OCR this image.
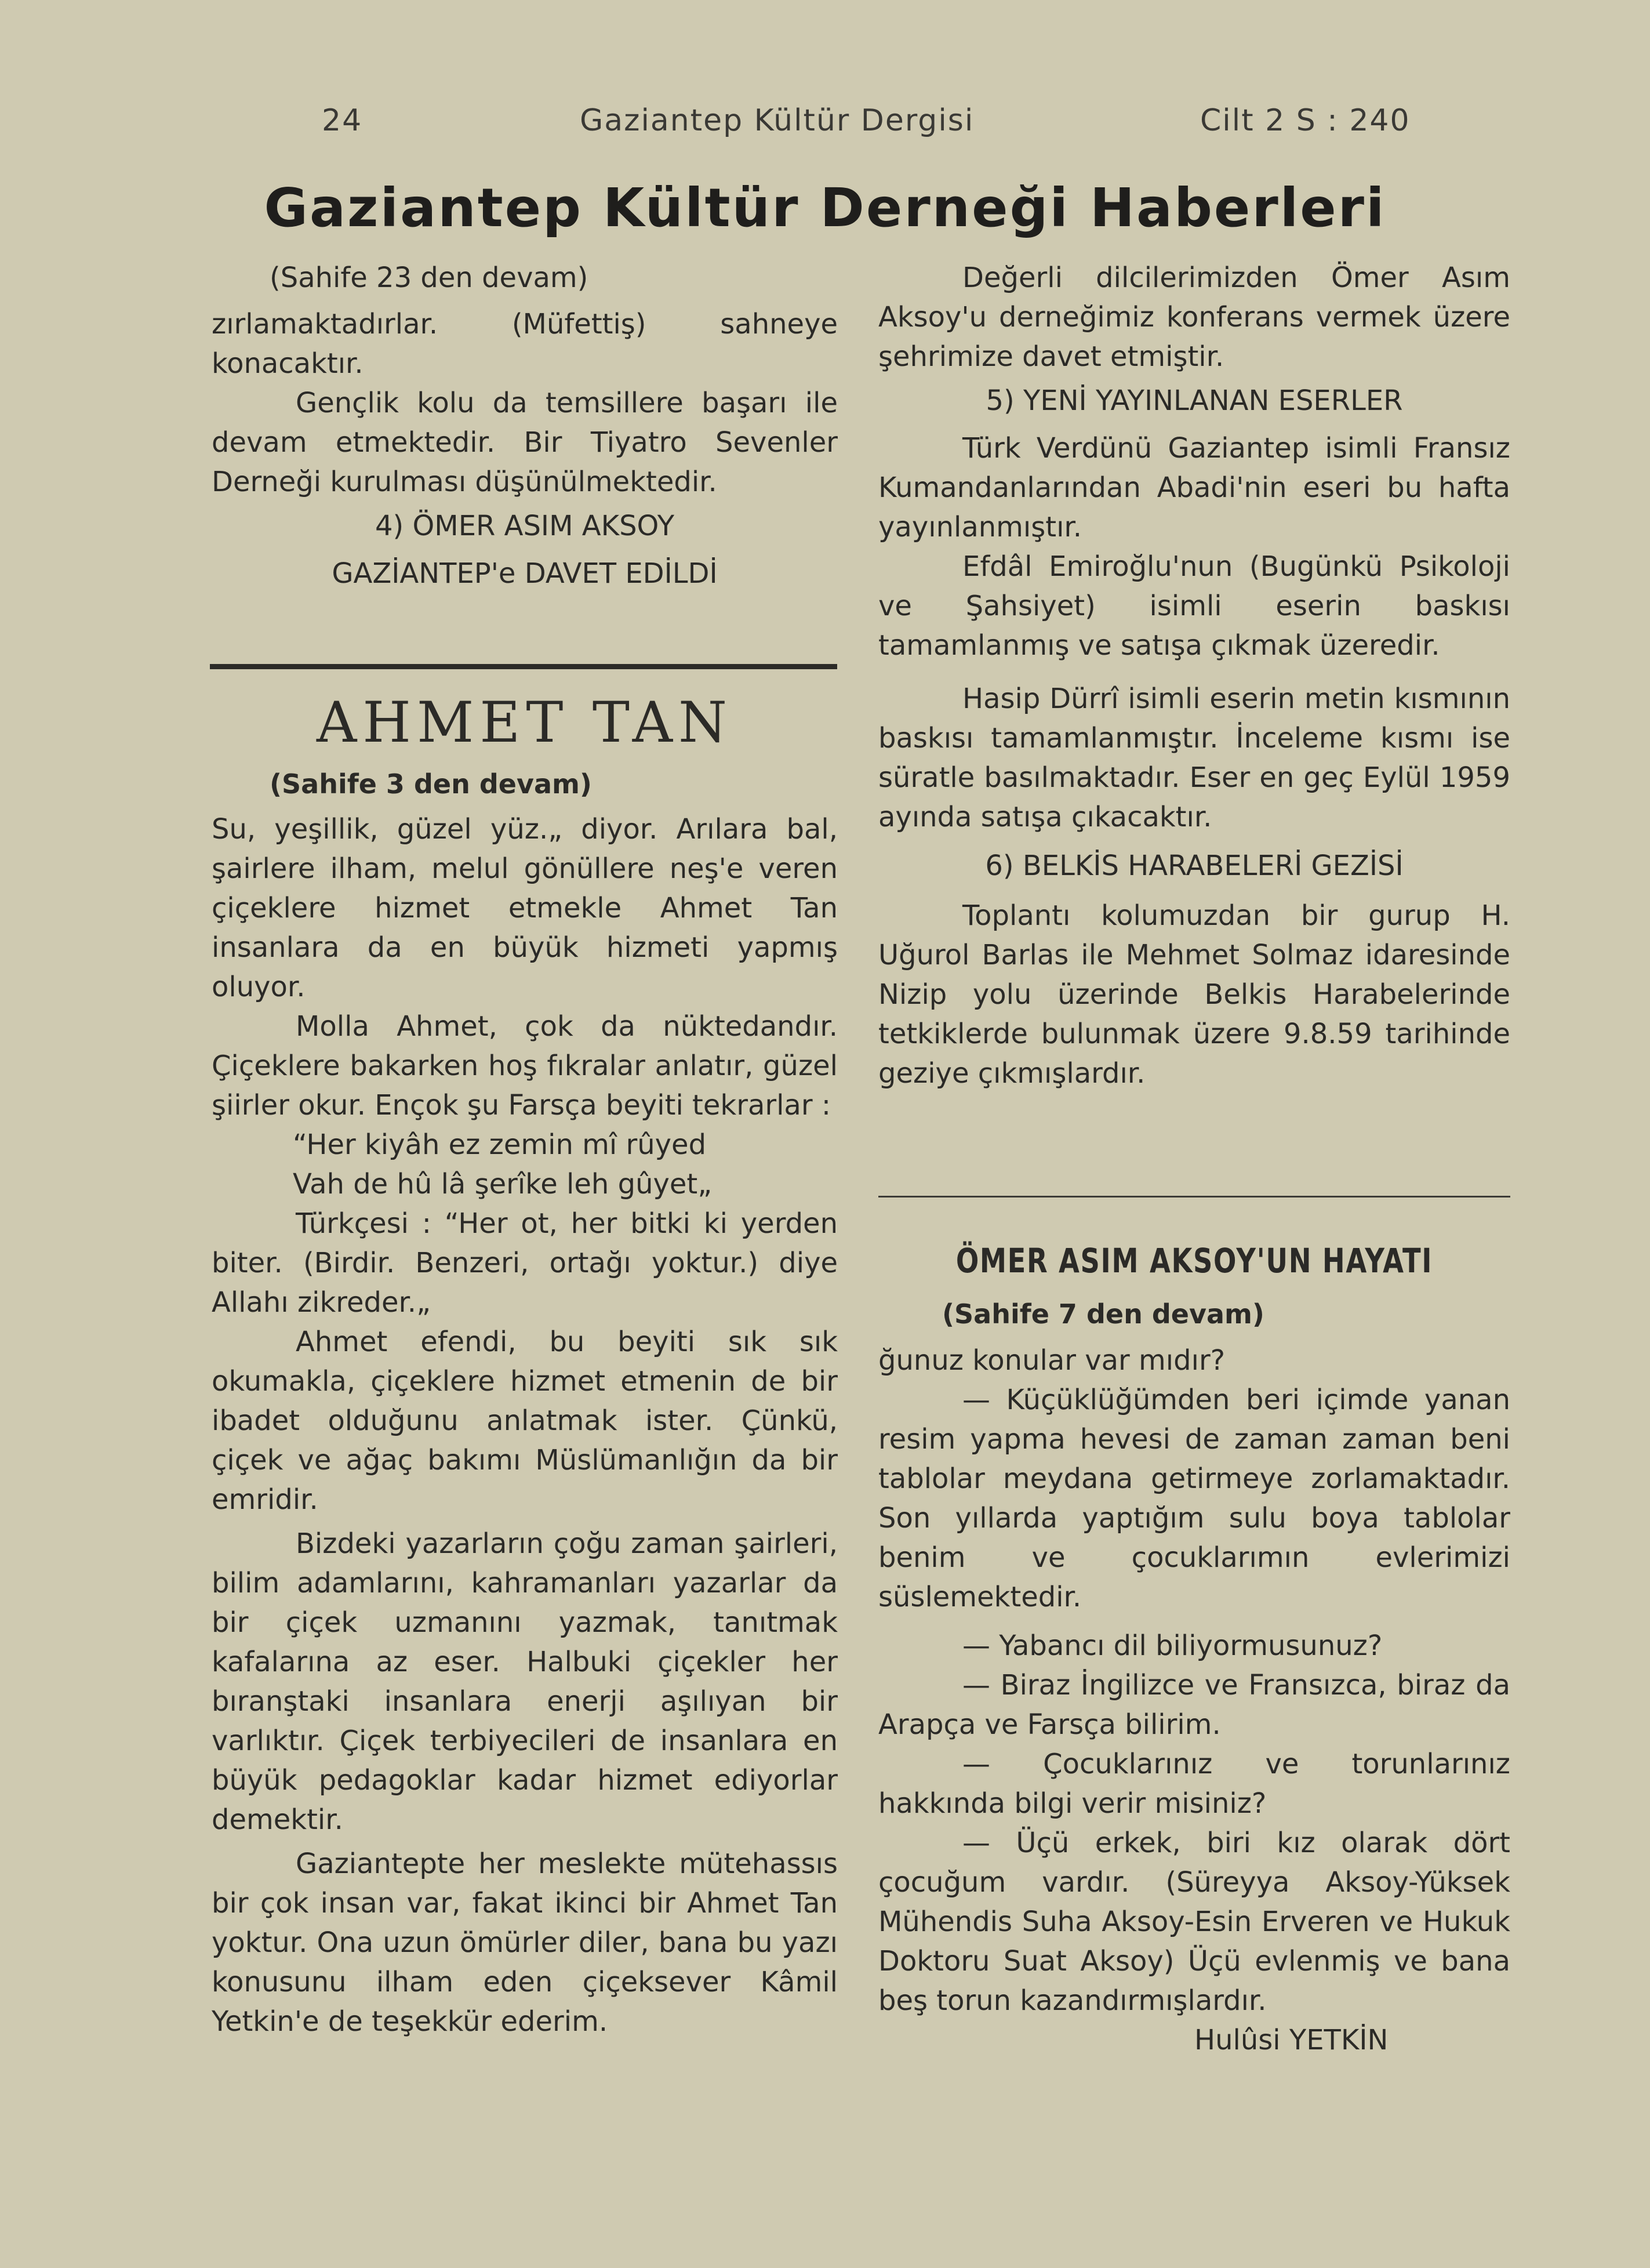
24	Gaziantep Kültür Dergisi	Cilt 2 S : 240
Gaziantep Kültür Derneği Haberleri

(Sahife 23 den devam)

zırlamaktadırlar. (Müfettiş) sahneye konacaktır.

Gençlik kolu da temsillere başarı ile devam etmektedir. Bir Tiyatro Sevenler Derneği kurulması düşünülmektedir.

4) ÖMER ASIM AKSOY

GAZİANTEP'e DAVET EDİLDİ

AHMET TAN

(Sahife 3 den devam)

Su, yeşillik, güzel yüz.„ diyor. Arılara bal, şairlere ilham, melul gönüllere neş'e veren çiçeklere hizmet etmekle Ahmet Tan insanlara da en büyük hizmeti yapmış oluyor.

Molla Ahmet, çok da nüktedandır. Çiçeklere bakarken hoş fıkralar anlatır, güzel şiirler okur. Ençok şu Farsça beyiti tekrarlar :

“Her kiyâh ez zemin mî rûyed

Vah de hû lâ şerîke leh gûyet„

Türkçesi : “Her ot, her bitki ki yerden biter. (Birdir. Benzeri, ortağı yoktur.) diye Allahı zikreder.„

Ahmet efendi, bu beyiti sık sık okumakla, çiçeklere hizmet etmenin de bir ibadet olduğunu anlatmak ister. Çünkü, çiçek ve ağaç bakımı Müslümanlığın da bir emridir.

Bizdeki yazarların çoğu zaman şairleri, bilim adamlarını, kahramanları yazarlar da bir çiçek uzmanını yazmak, tanıtmak kafalarına az eser. Halbuki çiçekler her bıranştaki insanlara enerji aşılıyan bir varlıktır. Çiçek terbiyecileri de insanlara en büyük pedagoklar kadar hizmet ediyorlar demektir.

Gaziantepte her meslekte mütehassıs bir çok insan var, fakat ikinci bir Ahmet Tan yoktur. Ona uzun ömürler diler, bana bu yazı konusunu ilham eden çiçeksever Kâmil Yetkin'e de teşekkür ederim.

Değerli dilcilerimizden Ömer Asım Aksoy'u derneğimiz konferans vermek üzere şehrimize davet etmiştir.

5) YENİ YAYINLANAN ESERLER

Türk Verdünü Gaziantep isimli Fransız Kumandanlarından Abadi'nin eseri bu hafta yayınlanmıştır.

Efdâl Emiroğlu'nun (Bugünkü Psikoloji ve Şahsiyet) isimli eserin baskısı tamamlanmış ve satışa çıkmak üzeredir.

Hasip Dürrî isimli eserin metin kısmının baskısı tamamlanmıştır. İnceleme kısmı ise süratle basılmaktadır. Eser en geç Eylül 1959 ayında satışa çıkacaktır.

6) BELKİS HARABELERİ GEZİSİ

Toplantı kolumuzdan bir gurup H. Uğurol Barlas ile Mehmet Solmaz idaresinde Nizip yolu üzerinde Belkis Harabelerinde tetkiklerde bulunmak üzere 9.8.59 tarihinde geziye çıkmışlardır.

ÖMER ASIM AKSOY'UN HAYATI

(Sahife 7 den devam)

ğunuz konular var mıdır?

— Küçüklüğümden beri içimde yanan resim yapma hevesi de zaman zaman beni tablolar meydana getirmeye zorlamaktadır. Son yıllarda yaptığım sulu boya tablolar benim ve çocuklarımın evlerimizi süslemektedir.

— Yabancı dil biliyormusunuz?

— Biraz İngilizce ve Fransızca, biraz da Arapça ve Farsça bilirim.

— Çocuklarınız ve torunlarınız hakkında bilgi verir misiniz?

— Üçü erkek, biri kız olarak dört çocuğum vardır. (Süreyya Aksoy-Yüksek Mühendis Suha Aksoy-Esin Erveren ve Hukuk Doktoru Suat Aksoy) Üçü evlenmiş ve bana beş torun kazandırmışlardır.

Hulûsi YETKİN
